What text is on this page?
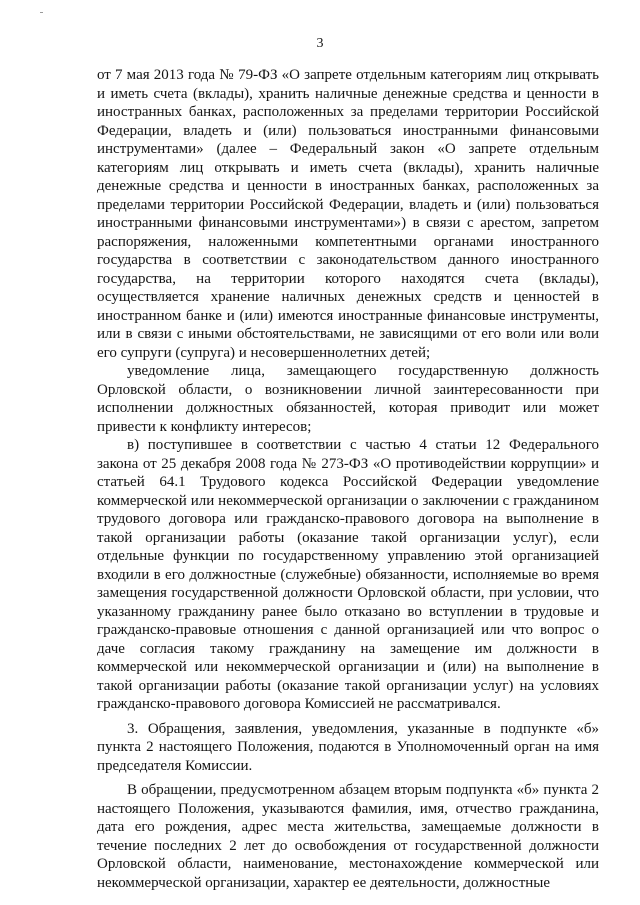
3

от 7 мая 2013 года № 79-ФЗ «О запрете отдельным категориям лиц открывать и иметь счета (вклады), хранить наличные денежные средства и ценности в иностранных банках, расположенных за пределами территории Российской Федерации, владеть и (или) пользоваться иностранными финансовыми инструментами» (далее – Федеральный закон «О запрете отдельным категориям лиц открывать и иметь счета (вклады), хранить наличные денежные средства и ценности в иностранных банках, расположенных за пределами территории Российской Федерации, владеть и (или) пользоваться иностранными финансовыми инструментами») в связи с арестом, запретом распоряжения, наложенными компетентными органами иностранного государства в соответствии с законодательством данного иностранного государства, на территории которого находятся счета (вклады), осуществляется хранение наличных денежных средств и ценностей в иностранном банке и (или) имеются иностранные финансовые инструменты, или в связи с иными обстоятельствами, не зависящими от его воли или воли его супруги (супруга) и несовершеннолетних детей;

уведомление лица, замещающего государственную должность Орловской области, о возникновении личной заинтересованности при исполнении должностных обязанностей, которая приводит или может привести к конфликту интересов;

в) поступившее в соответствии с частью 4 статьи 12 Федерального закона от 25 декабря 2008 года № 273-ФЗ «О противодействии коррупции» и статьей 64.1 Трудового кодекса Российской Федерации уведомление коммерческой или некоммерческой организации о заключении с гражданином трудового договора или гражданско-правового договора на выполнение в такой организации работы (оказание такой организации услуг), если отдельные функции по государственному управлению этой организацией входили в его должностные (служебные) обязанности, исполняемые во время замещения государственной должности Орловской области, при условии, что указанному гражданину ранее было отказано во вступлении в трудовые и гражданско-правовые отношения с данной организацией или что вопрос о даче согласия такому гражданину на замещение им должности в коммерческой или некоммерческой организации и (или) на выполнение в такой организации работы (оказание такой организации услуг) на условиях гражданско-правового договора Комиссией не рассматривался.

3. Обращения, заявления, уведомления, указанные в подпункте «б» пункта 2 настоящего Положения, подаются в Уполномоченный орган на имя председателя Комиссии.

В обращении, предусмотренном абзацем вторым подпункта «б» пункта 2 настоящего Положения, указываются фамилия, имя, отчество гражданина, дата его рождения, адрес места жительства, замещаемые должности в течение последних 2 лет до освобождения от государственной должности Орловской области, наименование, местонахождение коммерческой или некоммерческой организации, характер ее деятельности, должностные
